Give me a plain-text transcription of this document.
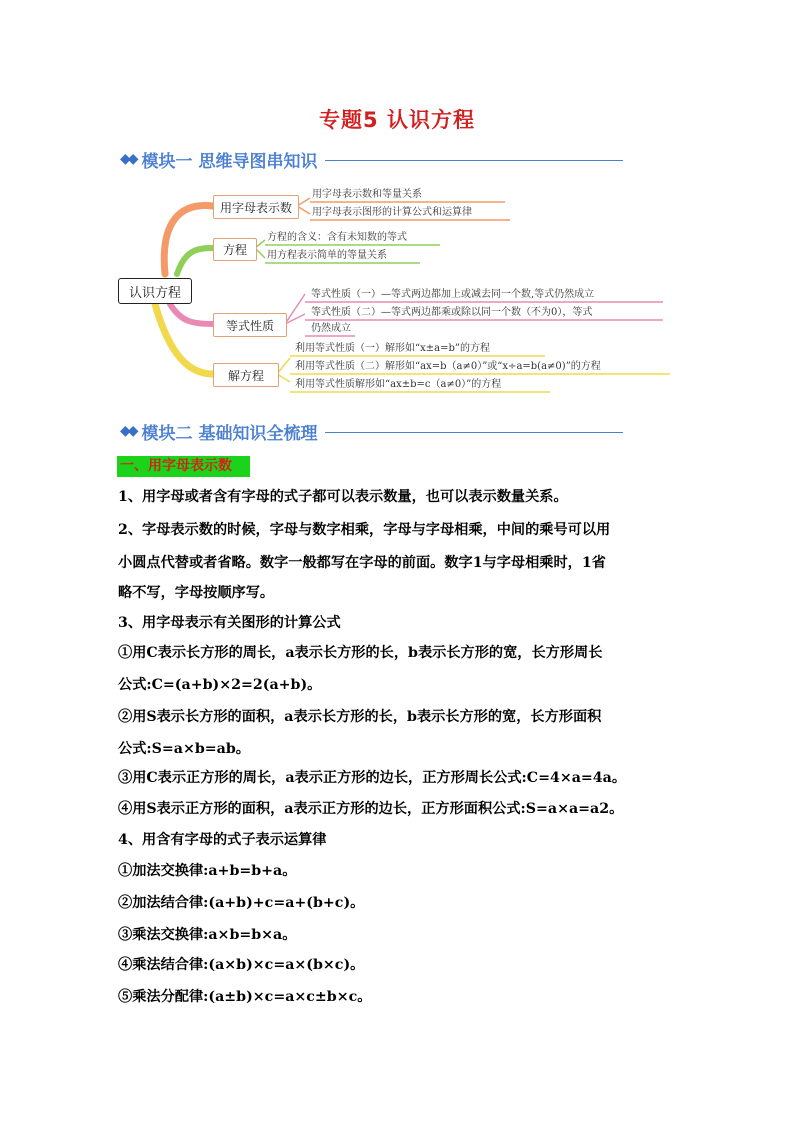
专题5 认识方程
◆◆ 模块一 思维导图串知识
认识方程
用字母表示数
方程
等式性质
解方程
用字母表示数和等量关系
用字母表示图形的计算公式和运算律
方程的含义：含有未知数的等式
用方程表示简单的等量关系
等式性质（一）—等式两边都加上或减去同一个数,等式仍然成立
等式性质（二）—等式两边都乘或除以同一个数（不为0），等式
仍然成立
利用等式性质（一）解形如“x±a=b”的方程
利用等式性质（二）解形如“ax=b（a≠0）”或“x÷a=b(a≠0)”的方程
利用等式性质解形如“ax±b=c（a≠0）”的方程
◆◆ 模块二 基础知识全梳理
一、用字母表示数
1、用字母或者含有字母的式子都可以表示数量，也可以表示数量关系。
2、字母表示数的时候，字母与数字相乘，字母与字母相乘，中间的乘号可以用
小圆点代替或者省略。数字一般都写在字母的前面。数字1与字母相乘时，1省
略不写，字母按顺序写。
3、用字母表示有关图形的计算公式
①用C表示长方形的周长，a表示长方形的长，b表示长方形的宽，长方形周长
公式:C=(a+b)×2=2(a+b)。
②用S表示长方形的面积，a表示长方形的长，b表示长方形的宽，长方形面积
公式:S=a×b=ab。
③用C表示正方形的周长，a表示正方形的边长，正方形周长公式:C=4×a=4a。
④用S表示正方形的面积，a表示正方形的边长，正方形面积公式:S=a×a=a2。
4、用含有字母的式子表示运算律
①加法交换律:a+b=b+a。
②加法结合律:(a+b)+c=a+(b+c)。
③乘法交换律:a×b=b×a。
④乘法结合律:(a×b)×c=a×(b×c)。
⑤乘法分配律:(a±b)×c=a×c±b×c。
